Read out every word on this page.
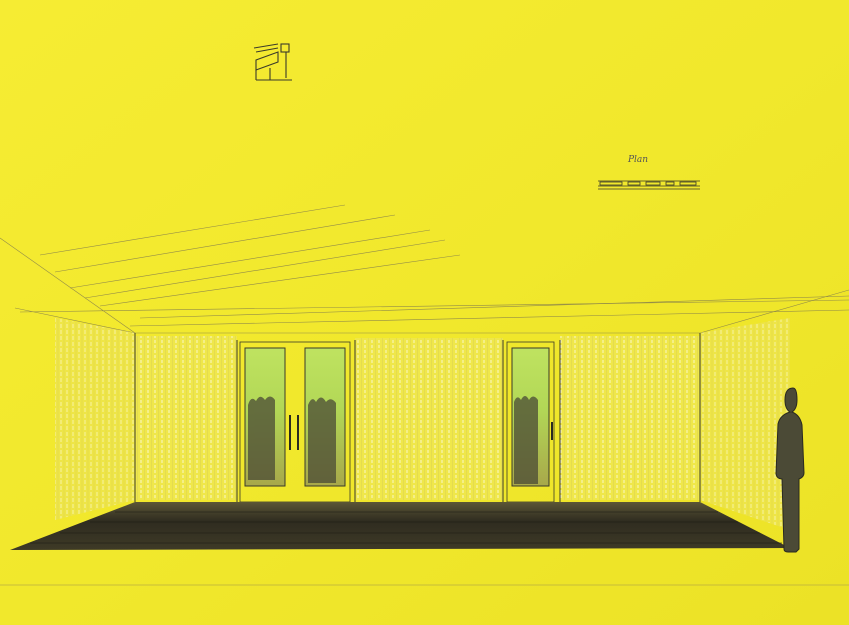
Plan
